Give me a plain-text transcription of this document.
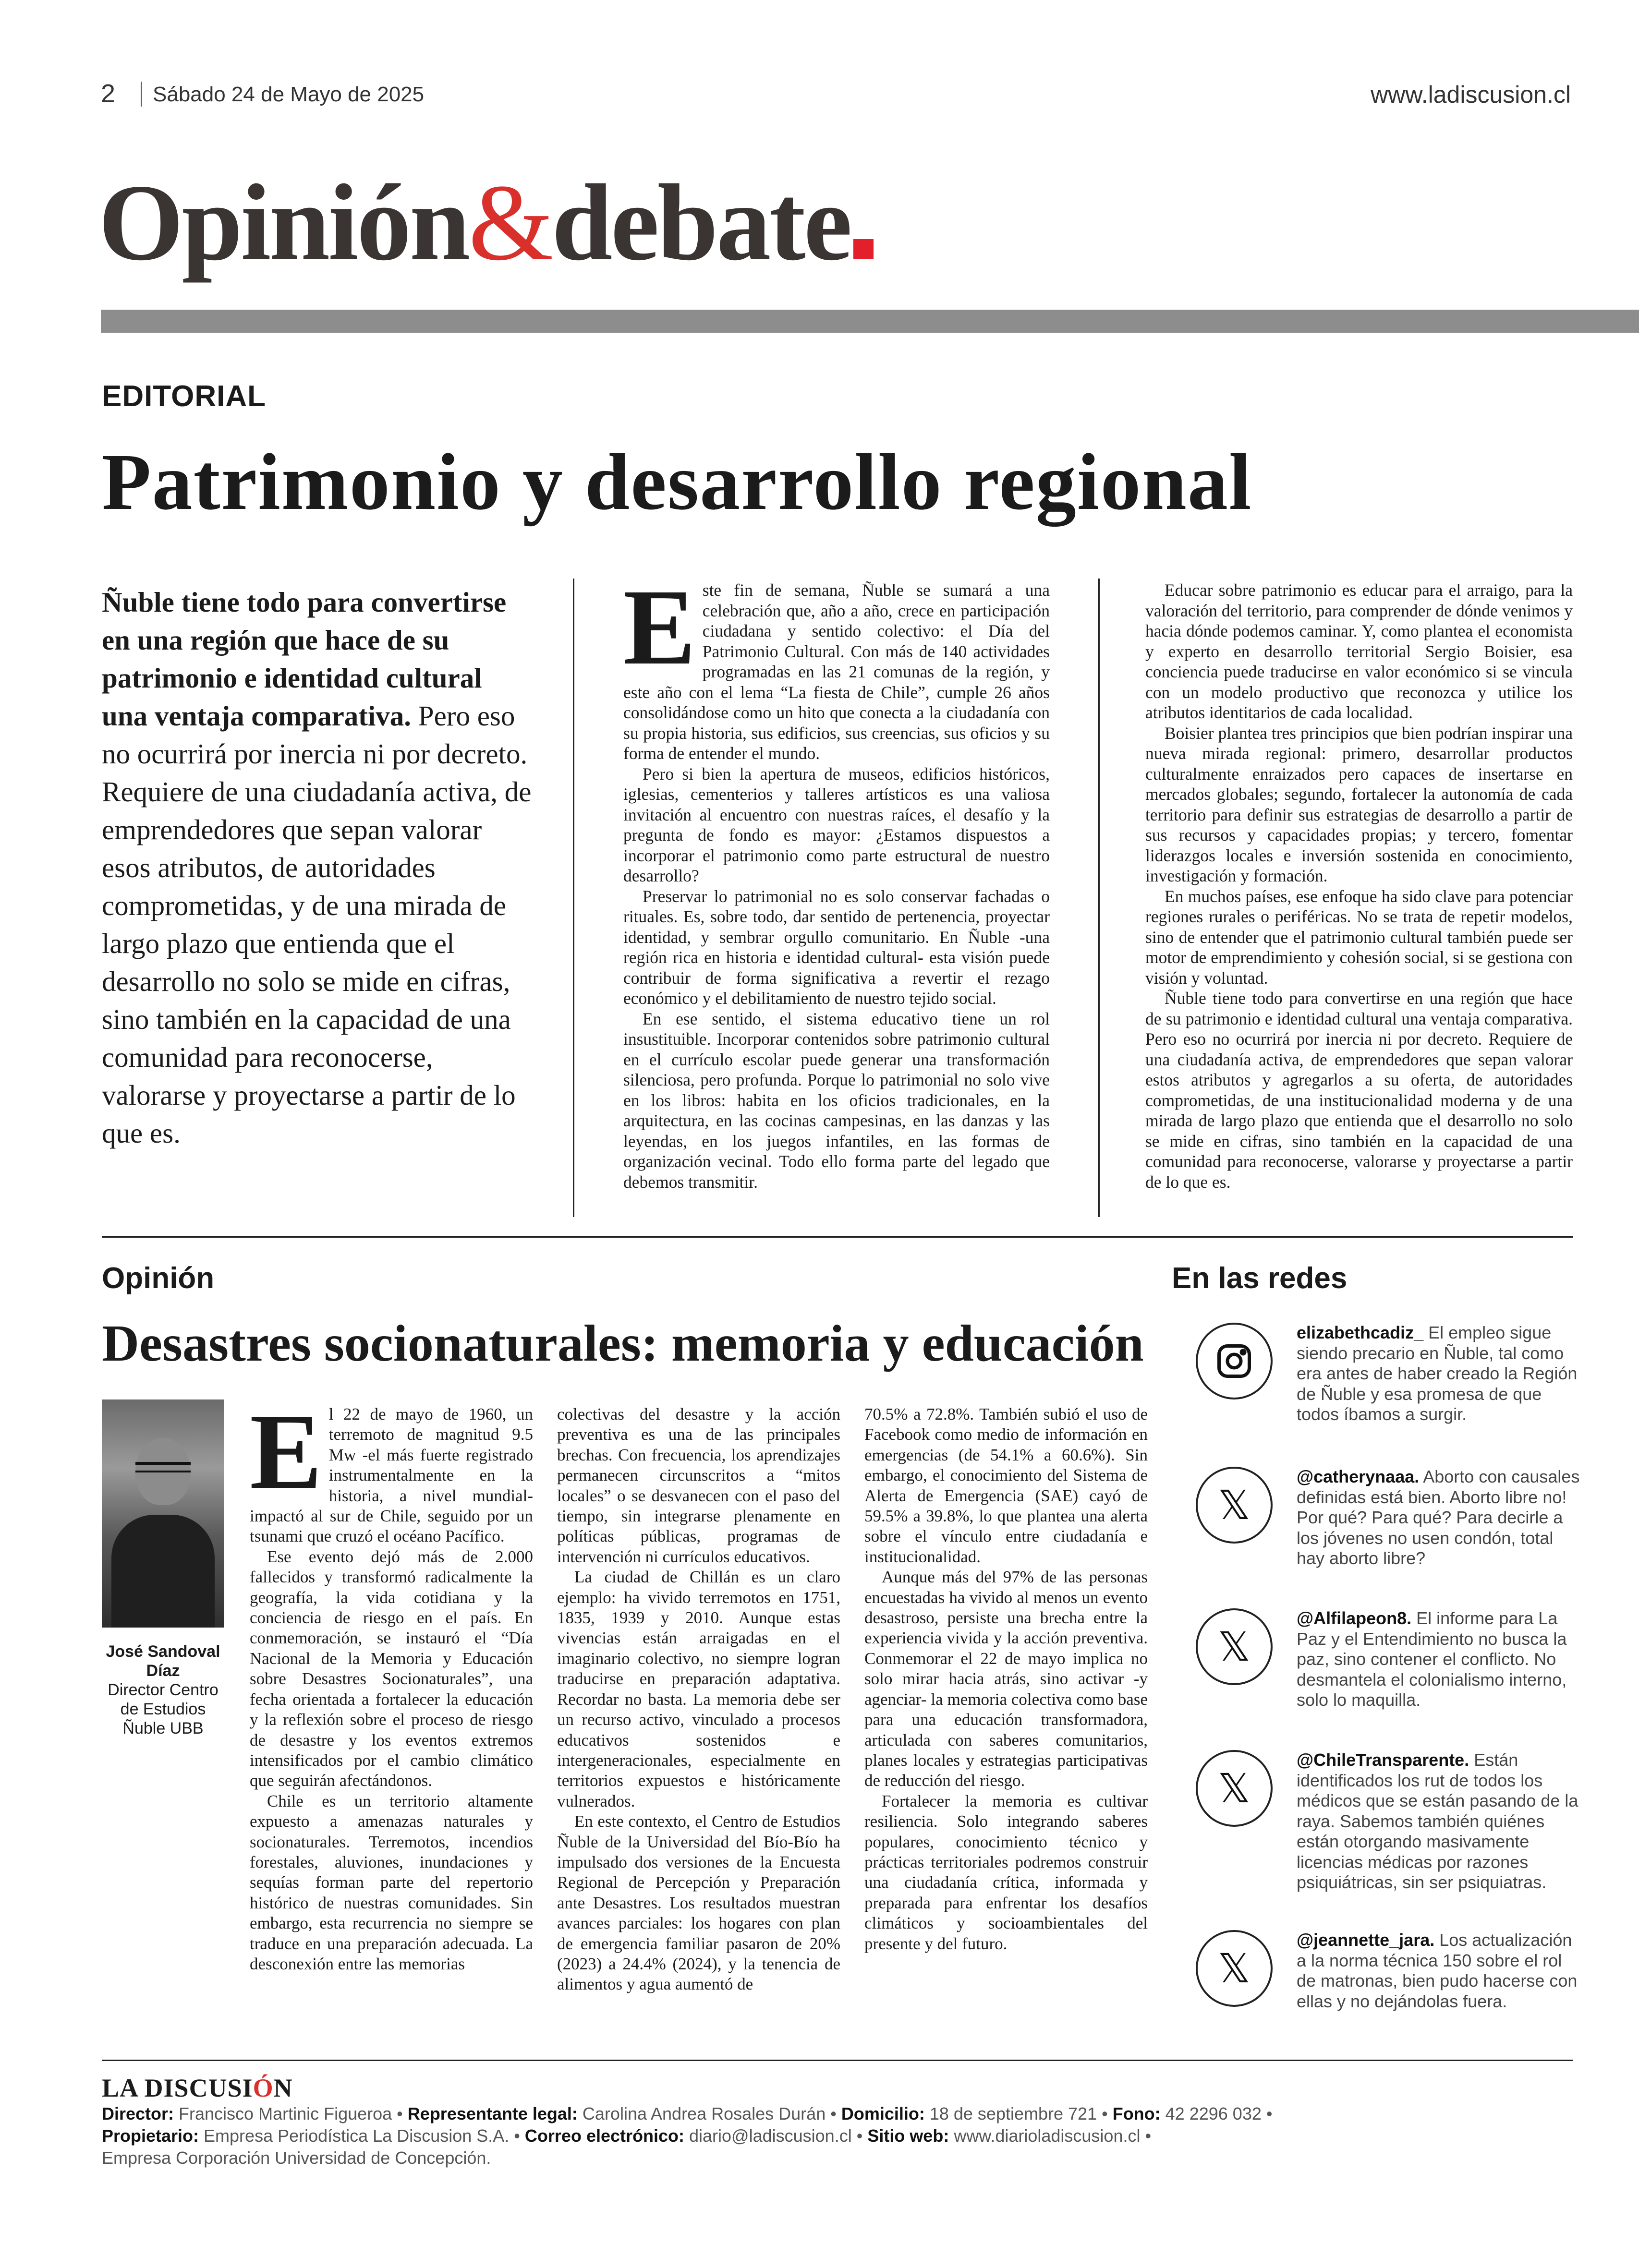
2 Sábado 24 de Mayo de 2025	www.ladiscusion.cl
Opinión&debate
EDITORIAL
Patrimonio y desarrollo regional
Ñuble tiene todo para convertirse en una región que hace de su patrimonio e identidad cultural una ventaja comparativa. Pero eso no ocurrirá por inercia ni por decreto. Requiere de una ciudadanía activa, de emprendedores que sepan valorar esos atributos, de autoridades comprometidas, y de una mirada de largo plazo que entienda que el desarrollo no solo se mide en cifras, sino también en la capacidad de una comunidad para reconocerse, valorarse y proyectarse a partir de lo que es.

Este fin de semana, Ñuble se sumará a una celebración que, año a año, crece en participación ciudadana y sentido colectivo: el Día del Patrimonio Cultural. Con más de 140 actividades programadas en las 21 comunas de la región, y este año con el lema “La fiesta de Chile”, cumple 26 años consolidándose como un hito que conecta a la ciudadanía con su propia historia, sus edificios, sus creencias, sus oficios y su forma de entender el mundo.

Pero si bien la apertura de museos, edificios históricos, iglesias, cementerios y talleres artísticos es una valiosa invitación al encuentro con nuestras raíces, el desafío y la pregunta de fondo es mayor: ¿Estamos dispuestos a incorporar el patrimonio como parte estructural de nuestro desarrollo?

Preservar lo patrimonial no es solo conservar fachadas o rituales. Es, sobre todo, dar sentido de pertenencia, proyectar identidad, y sembrar orgullo comunitario. En Ñuble -una región rica en historia e identidad cultural- esta visión puede contribuir de forma significativa a revertir el rezago económico y el debilitamiento de nuestro tejido social.

En ese sentido, el sistema educativo tiene un rol insustituible. Incorporar contenidos sobre patrimonio cultural en el currículo escolar puede generar una transformación silenciosa, pero profunda. Porque lo patrimonial no solo vive en los libros: habita en los oficios tradicionales, en la arquitectura, en las cocinas campesinas, en las danzas y las leyendas, en los juegos infantiles, en las formas de organización vecinal. Todo ello forma parte del legado que debemos transmitir.

Educar sobre patrimonio es educar para el arraigo, para la valoración del territorio, para comprender de dónde venimos y hacia dónde podemos caminar. Y, como plantea el economista y experto en desarrollo territorial Sergio Boisier, esa conciencia puede traducirse en valor económico si se vincula con un modelo productivo que reconozca y utilice los atributos identitarios de cada localidad.

Boisier plantea tres principios que bien podrían inspirar una nueva mirada regional: primero, desarrollar productos culturalmente enraizados pero capaces de insertarse en mercados globales; segundo, fortalecer la autonomía de cada territorio para definir sus estrategias de desarrollo a partir de sus recursos y capacidades propias; y tercero, fomentar liderazgos locales e inversión sostenida en conocimiento, investigación y formación.

En muchos países, ese enfoque ha sido clave para potenciar regiones rurales o periféricas. No se trata de repetir modelos, sino de entender que el patrimonio cultural también puede ser motor de emprendimiento y cohesión social, si se gestiona con visión y voluntad.

Ñuble tiene todo para convertirse en una región que hace de su patrimonio e identidad cultural una ventaja comparativa. Pero eso no ocurrirá por inercia ni por decreto. Requiere de una ciudadanía activa, de emprendedores que sepan valorar estos atributos y agregarlos a su oferta, de autoridades comprometidas, de una institucionalidad moderna y de una mirada de largo plazo que entienda que el desarrollo no solo se mide en cifras, sino también en la capacidad de una comunidad para reconocerse, valorarse y proyectarse a partir de lo que es.

Opinión
Desastres socionaturales: memoria y educación
José Sandoval Díaz
Director Centro de Estudios Ñuble UBB

El 22 de mayo de 1960, un terremoto de magnitud 9.5 Mw -el más fuerte registrado instrumentalmente en la historia, a nivel mundial- impactó al sur de Chile, seguido por un tsunami que cruzó el océano Pacífico.

Ese evento dejó más de 2.000 fallecidos y transformó radicalmente la geografía, la vida cotidiana y la conciencia de riesgo en el país. En conmemoración, se instauró el “Día Nacional de la Memoria y Educación sobre Desastres Socionaturales”, una fecha orientada a fortalecer la educación y la reflexión sobre el proceso de riesgo de desastre y los eventos extremos intensificados por el cambio climático que seguirán afectándonos.

Chile es un territorio altamente expuesto a amenazas naturales y socionaturales. Terremotos, incendios forestales, aluviones, inundaciones y sequías forman parte del repertorio histórico de nuestras comunidades. Sin embargo, esta recurrencia no siempre se traduce en una preparación adecuada. La desconexión entre las memorias

colectivas del desastre y la acción preventiva es una de las principales brechas. Con frecuencia, los aprendizajes permanecen circunscritos a “mitos locales” o se desvanecen con el paso del tiempo, sin integrarse plenamente en políticas públicas, programas de intervención ni currículos educativos.

La ciudad de Chillán es un claro ejemplo: ha vivido terremotos en 1751, 1835, 1939 y 2010. Aunque estas vivencias están arraigadas en el imaginario colectivo, no siempre logran traducirse en preparación adaptativa. Recordar no basta. La memoria debe ser un recurso activo, vinculado a procesos educativos sostenidos e intergeneracionales, especialmente en territorios expuestos e históricamente vulnerados.

En este contexto, el Centro de Estudios Ñuble de la Universidad del Bío-Bío ha impulsado dos versiones de la Encuesta Regional de Percepción y Preparación ante Desastres. Los resultados muestran avances parciales: los hogares con plan de emergencia familiar pasaron de 20% (2023) a 24.4% (2024), y la tenencia de alimentos y agua aumentó de

70.5% a 72.8%. También subió el uso de Facebook como medio de información en emergencias (de 54.1% a 60.6%). Sin embargo, el conocimiento del Sistema de Alerta de Emergencia (SAE) cayó de 59.5% a 39.8%, lo que plantea una alerta sobre el vínculo entre ciudadanía e institucionalidad.

Aunque más del 97% de las personas encuestadas ha vivido al menos un evento desastroso, persiste una brecha entre la experiencia vivida y la acción preventiva. Conmemorar el 22 de mayo implica no solo mirar hacia atrás, sino activar -y agenciar- la memoria colectiva como base para una educación transformadora, articulada con saberes comunitarios, planes locales y estrategias participativas de reducción del riesgo.

Fortalecer la memoria es cultivar resiliencia. Solo integrando saberes populares, conocimiento técnico y prácticas territoriales podremos construir una ciudadanía crítica, informada y preparada para enfrentar los desafíos climáticos y socioambientales del presente y del futuro.

En las redes
elizabethcadiz_ El empleo sigue siendo precario en Ñuble, tal como era antes de haber creado la Región de Ñuble y esa promesa de que todos íbamos a surgir.
𝕏
@catherynaaa. Aborto con causales definidas está bien. Aborto libre no! Por qué? Para qué? Para decirle a los jóvenes no usen condón, total hay aborto libre?
𝕏
@Alfilapeon8. El informe para La Paz y el Entendimiento no busca la paz, sino contener el conflicto. No desmantela el colonialismo interno, solo lo maquilla.
𝕏
@ChileTransparente. Están identificados los rut de todos los médicos que se están pasando de la raya. Sabemos también quiénes están otorgando masivamente licencias médicas por razones psiquiátricas, sin ser psiquiatras.
𝕏
@jeannette_jara. Los actualización a la norma técnica 150 sobre el rol de matronas, bien pudo hacerse con ellas y no dejándolas fuera.
LA DISCUSIÓN
Director: Francisco Martinic Figueroa • Representante legal: Carolina Andrea Rosales Durán • Domicilio: 18 de septiembre 721 • Fono: 42 2296 032 •
Propietario: Empresa Periodística La Discusion S.A. • Correo electrónico: diario@ladiscusion.cl • Sitio web: www.diarioladiscusion.cl •
Empresa Corporación Universidad de Concepción.
